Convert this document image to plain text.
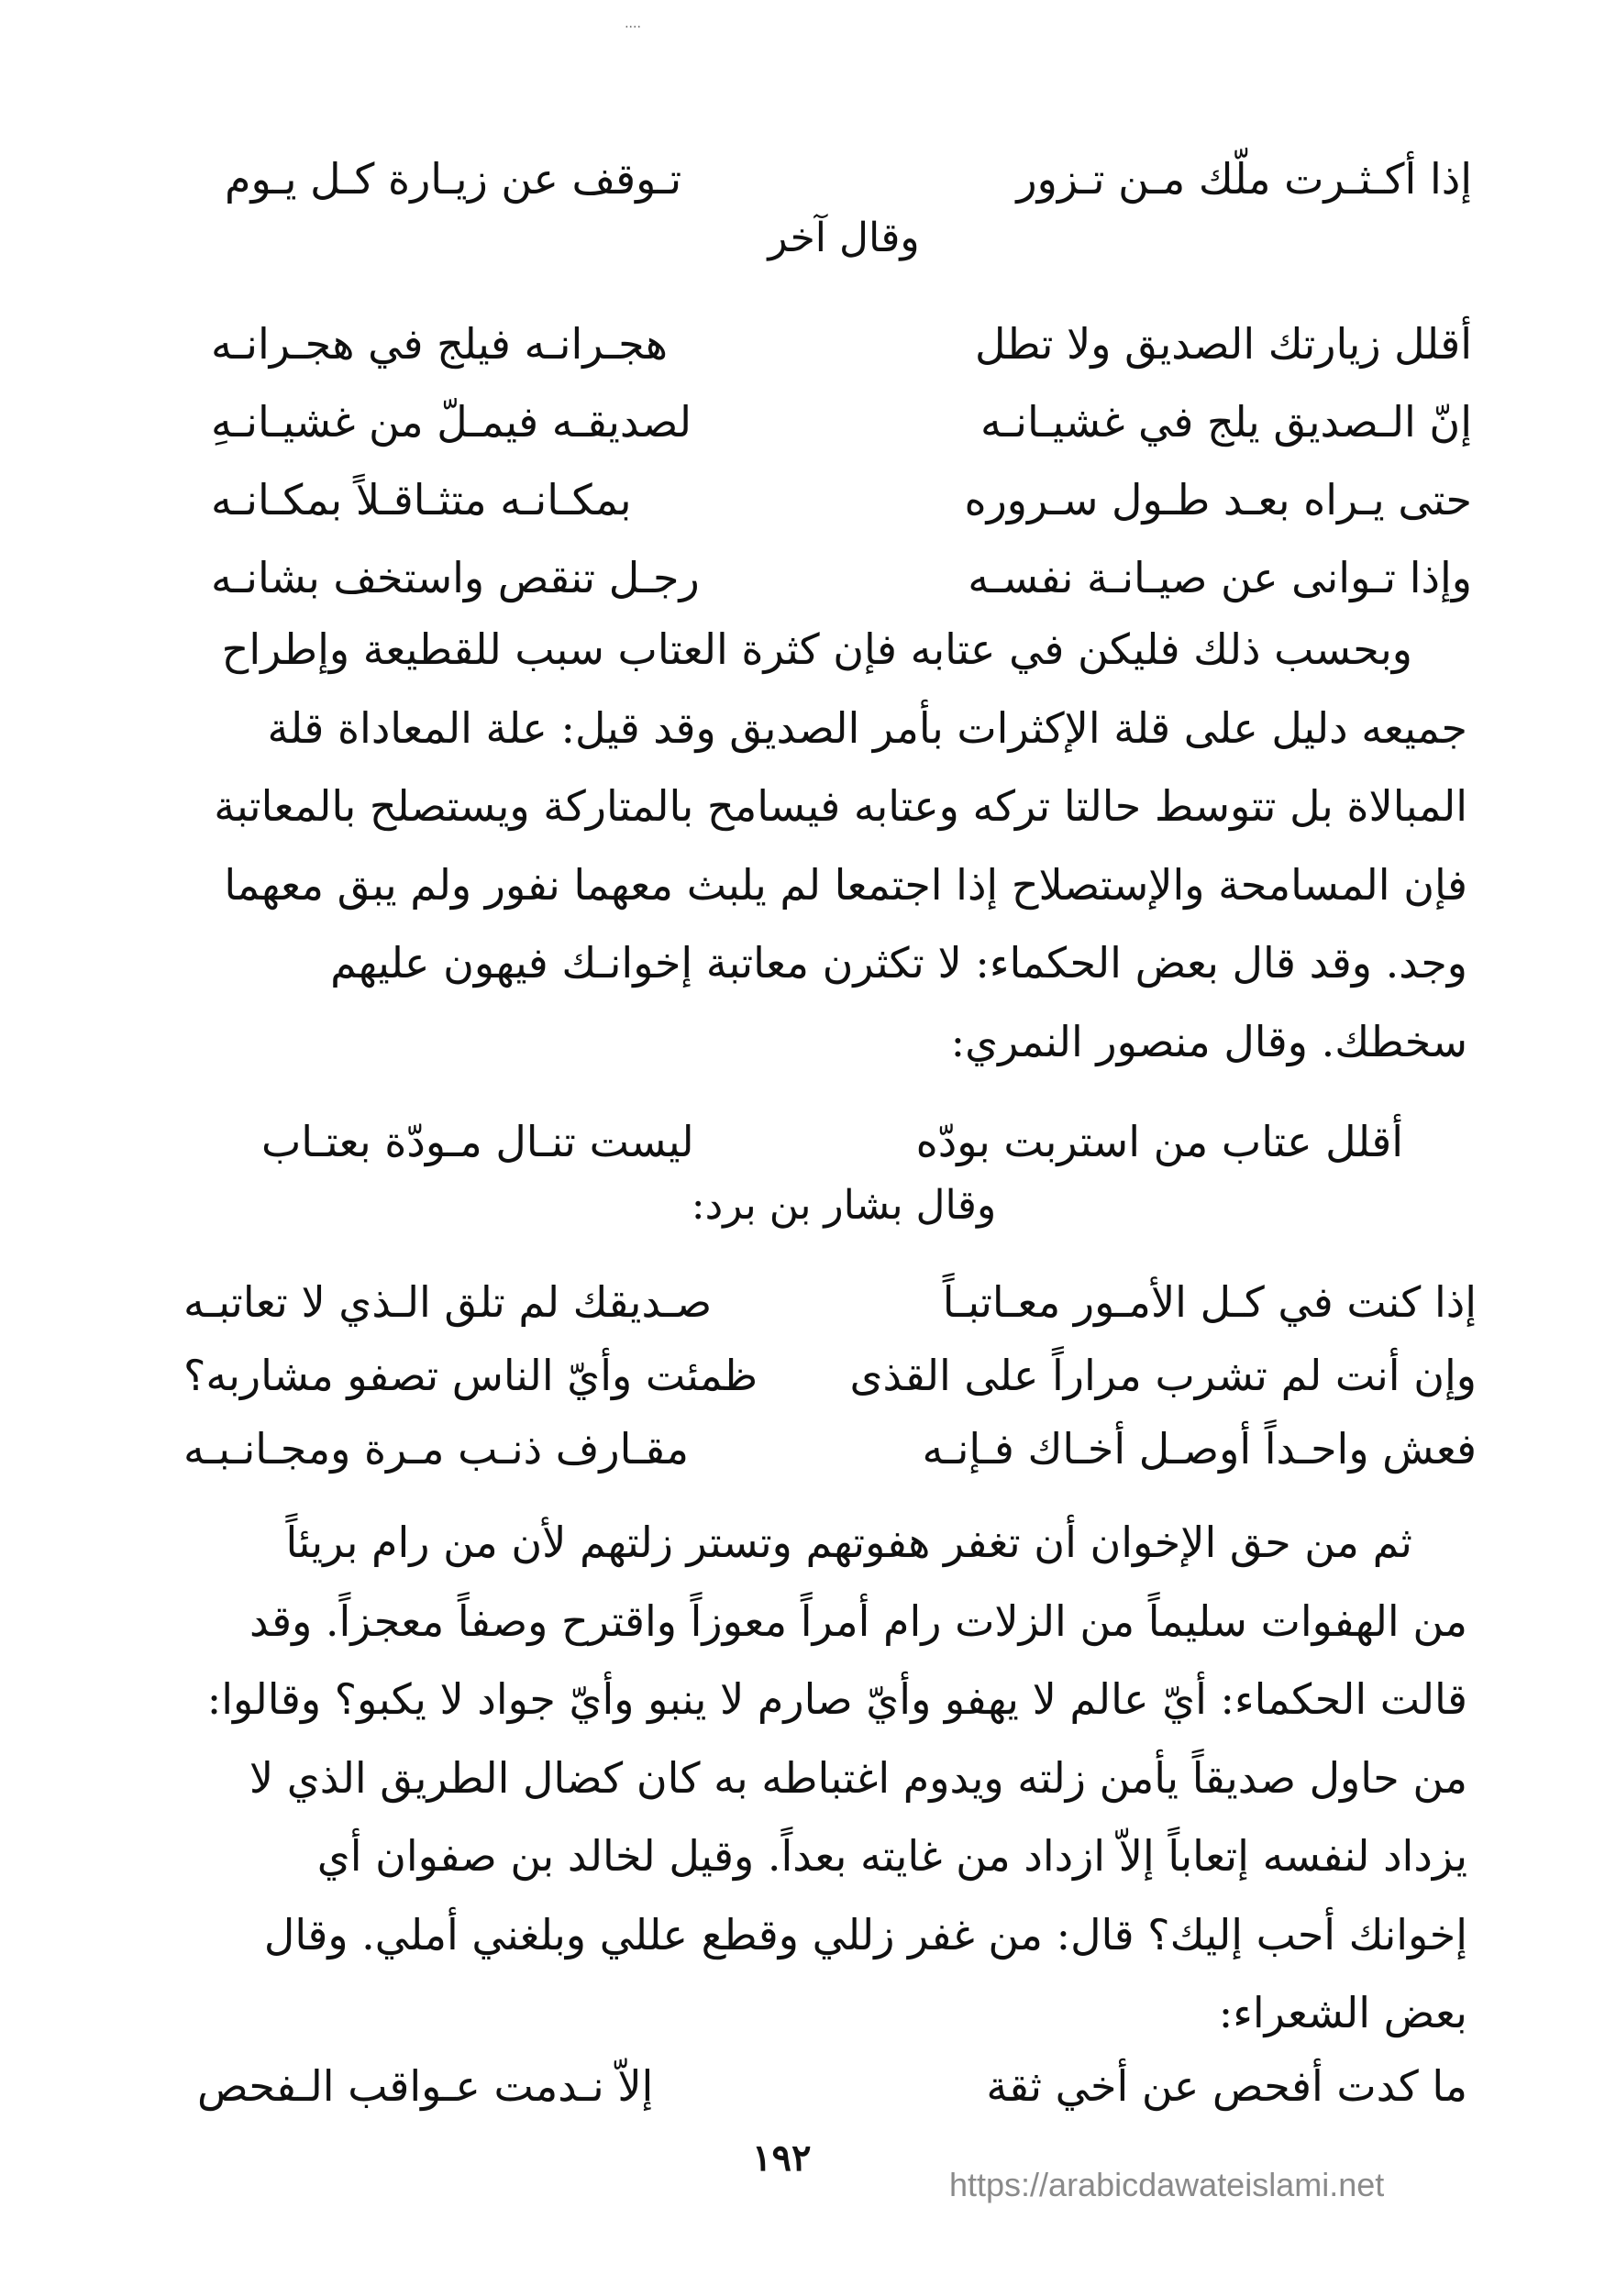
....
إذا أكـثـرت ملّك مـن تـزور
تـوقف عن زيـارة كـل يـوم
وقال آخر
أقلل زيارتك الصديق ولا تطل
هجـرانـه فيلج في هجـرانـه
إنّ الـصديق يلج في غشيـانـه
لصديقـه فيمـلّ من غشيـانـهِ
حتى يـراه بعـد طـول سـروره
بمكـانـه متثـاقـلاً بمكـانـه
وإذا تـوانى عن صيـانـة نفسـه
رجـل تنقص واستخف بشانـه
وبحسب ذلك فليكن في عتابه فإن كثرة العتاب سبب للقطيعة وإطراح
جميعه دليل على قلة الإكثرات بأمر الصديق وقد قيل: علة المعاداة قلة
المبالاة بل تتوسط حالتا تركه وعتابه فيسامح بالمتاركة ويستصلح بالمعاتبة
فإن المسامحة والإستصلاح إذا اجتمعا لم يلبث معهما نفور ولم يبق معهما
وجد. وقد قال بعض الحكماء: لا تكثرن معاتبة إخوانـك فيهون عليهم
سخطك. وقال منصور النمري:
أقلل عتاب من استربت بودّه
ليست تنـال مـودّة بعتـاب
وقال بشار بن برد:
إذا كنت في كـل الأمـور معـاتبـاً
صـديقك لم تلق الـذي لا تعاتبـه
وإن أنت لم تشرب مراراً على القذى
ظمئت وأيّ الناس تصفو مشاربه؟
فعش واحـداً أوصـل أخـاك فـإنـه
مقـارف ذنـب مـرة ومجـانـبـه
ثم من حق الإخوان أن تغفر هفوتهم وتستر زلتهم لأن من رام بريئاً
من الهفوات سليماً من الزلات رام أمراً معوزاً واقترح وصفاً معجزاً. وقد
قالت الحكماء: أيّ عالم لا يهفو وأيّ صارم لا ينبو وأيّ جواد لا يكبو؟ وقالوا:
من حاول صديقاً يأمن زلته ويدوم اغتباطه به كان كضال الطريق الذي لا
يزداد لنفسه إتعاباً إلاّ ازداد من غايته بعداً. وقيل لخالد بن صفوان أي
إخوانك أحب إليك؟ قال: من غفر زللي وقطع عللي وبلغني أملي. وقال
بعض الشعراء:
ما كدت أفحص عن أخي ثقة
إلاّ نـدمت عـواقب الـفحص
١٩٢
https://arabicdawateislami.net
